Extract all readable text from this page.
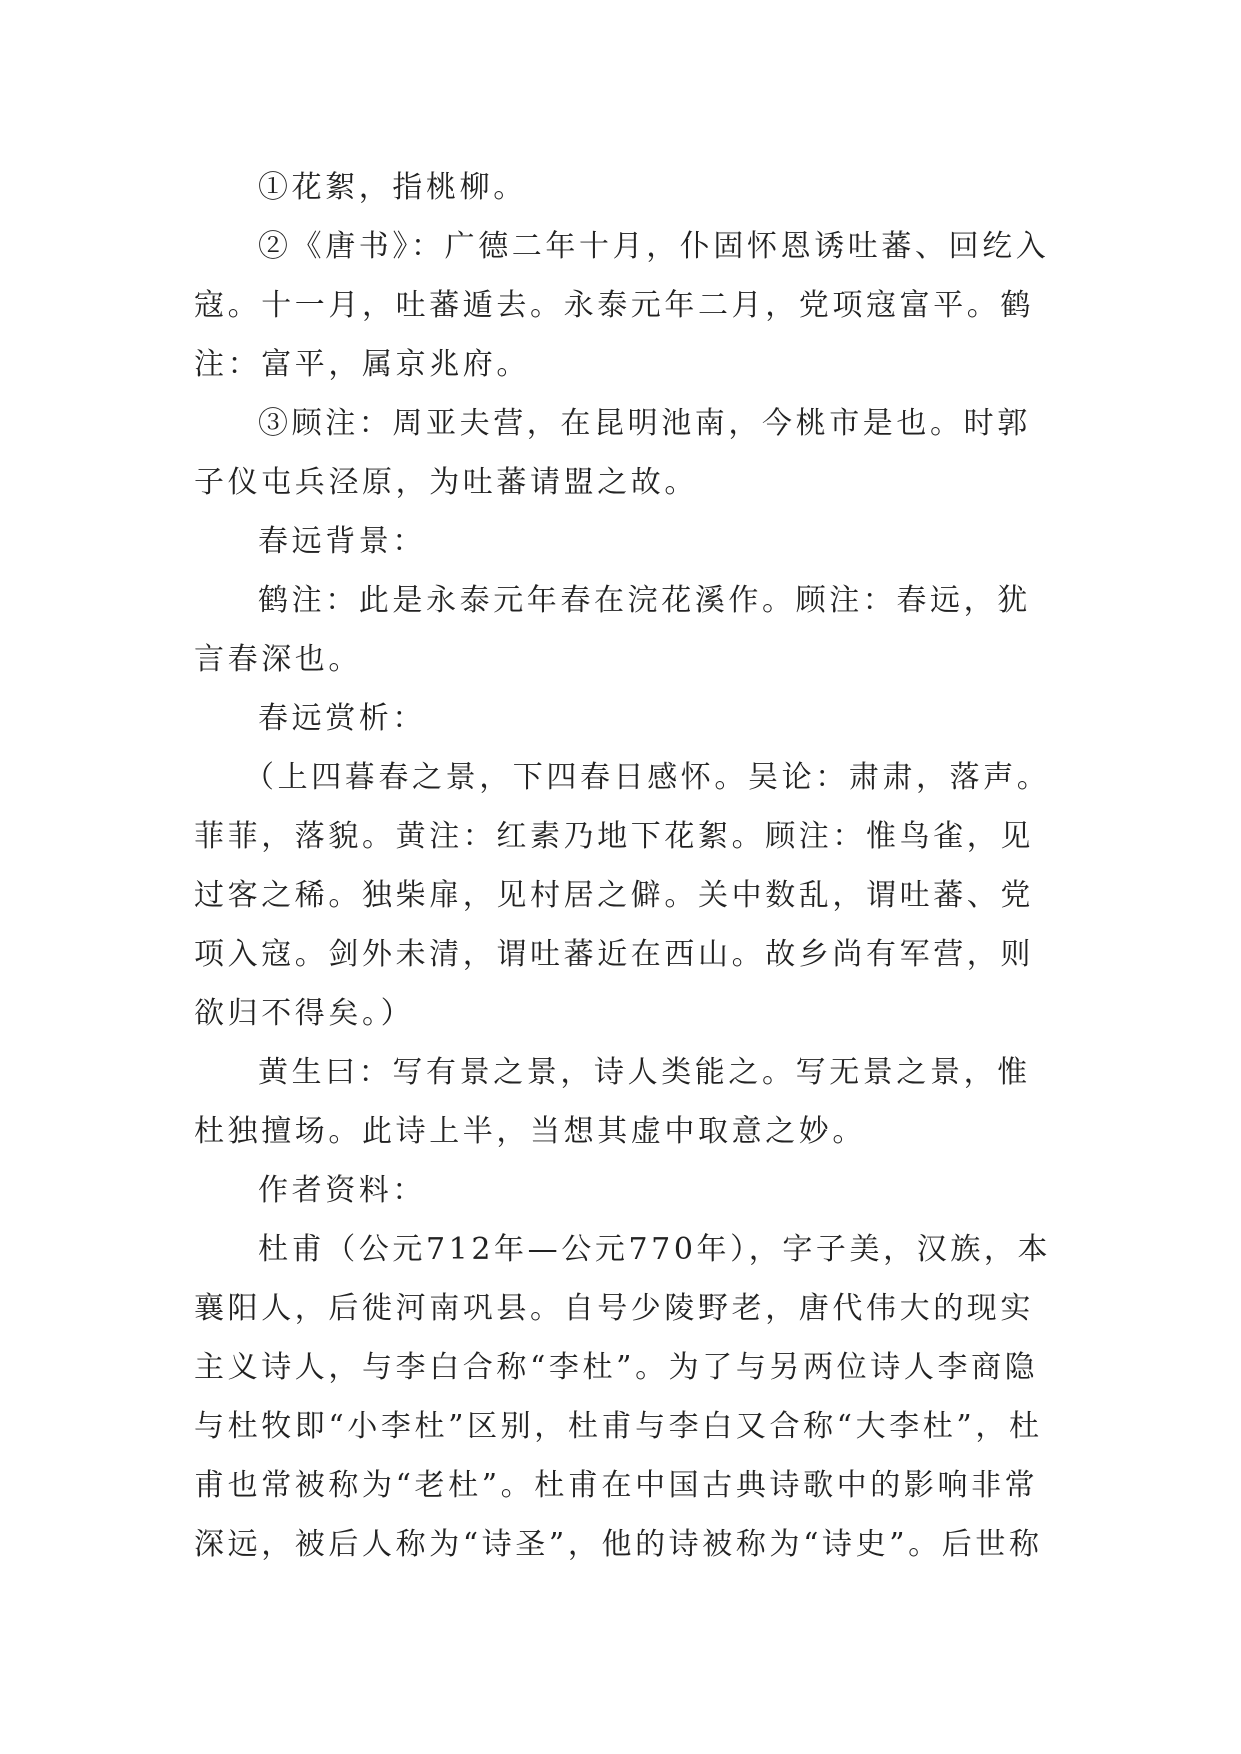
①花絮，指桃柳。

②《唐书》：广德二年十月，仆固怀恩诱吐蕃、回纥入寇。十一月，吐蕃遁去。永泰元年二月，党项寇富平。鹤注：富平，属京兆府。

③顾注：周亚夫营，在昆明池南，今桃市是也。时郭子仪屯兵泾原，为吐蕃请盟之故。

春远背景：

鹤注：此是永泰元年春在浣花溪作。顾注：春远，犹言春深也。

春远赏析：

（上四暮春之景，下四春日感怀。吴论：肃肃，落声。菲菲，落貌。黄注：红素乃地下花絮。顾注：惟鸟雀，见过客之稀。独柴扉，见村居之僻。关中数乱，谓吐蕃、党项入寇。剑外未清，谓吐蕃近在西山。故乡尚有军营，则欲归不得矣。）

黄生曰：写有景之景，诗人类能之。写无景之景，惟杜独擅场。此诗上半，当想其虚中取意之妙。

作者资料：

杜甫（公元712年—公元770年），字子美，汉族，本襄阳人，后徙河南巩县。自号少陵野老，唐代伟大的现实主义诗人，与李白合称“李杜”。为了与另两位诗人李商隐与杜牧即“小李杜”区别，杜甫与李白又合称“大李杜”，杜甫也常被称为“老杜”。杜甫在中国古典诗歌中的影响非常深远，被后人称为“诗圣”，他的诗被称为“诗史”。后世称
